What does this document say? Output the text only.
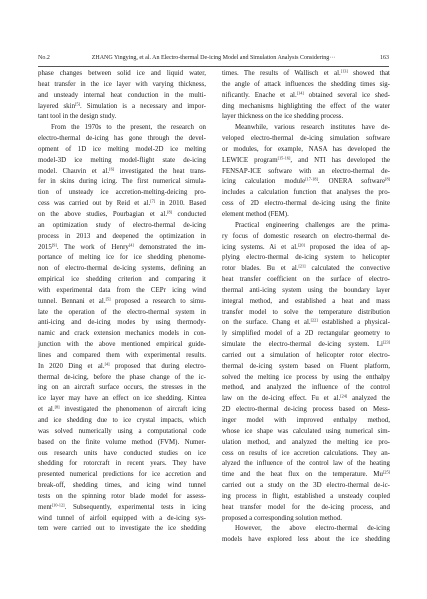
No.2	ZHANG Yingying, et al. An Electro-thermal De-icing Model and Simulation Analysis Considering···	163
phase changes between solid ice and liquid water,
heat transfer in the ice layer with varying thickness,
and unsteady internal heat conduction in the multi-
layered skin[5]. Simulation is a necessary and impor-
tant tool in the design study.
From the 1970s to the present, the research on
electro-thermal de-icing has gone through the devel-
opment of 1D ice melting model-2D ice melting
model-3D ice melting model-flight state de-icing
model. Chauvin et al.[6] investigated the heat trans-
fer in skins during icing. The first numerical simula-
tion of unsteady ice accretion-melting-deicing pro-
cess was carried out by Reid et al.[7] in 2010. Based
on the above studies, Pourbagian et al.[8] conducted
an optimization study of electro-thermal de-icing
process in 2013 and deepened the optimization in
2015[9]. The work of Henry[4] demonstrated the im-
portance of melting ice for ice shedding phenome-
non of electro-thermal de-icing systems, defining an
empirical ice shedding criterion and comparing it
with experimental data from the CEPr icing wind
tunnel. Bennani et al.[5] proposed a research to simu-
late the operation of the electro-thermal system in
anti-icing and de-icing modes by using thermody-
namic and crack extension mechanics models in con-
junction with the above mentioned empirical guide-
lines and compared them with experimental results.
In 2020 Ding et al.[4] proposed that during electro-
thermal de-icing, before the phase change of the ic-
ing on an aircraft surface occurs, the stresses in the
ice layer may have an effect on ice shedding. Kintea
et al.[8] investigated the phenomenon of aircraft icing
and ice shedding due to ice crystal impacts, which
was solved numerically using a computational code
based on the finite volume method (FVM). Numer-
ous research units have conducted studies on ice
shedding for rotorcraft in recent years. They have
presented numerical predictions for ice accretion and
break-off, shedding times, and icing wind tunnel
tests on the spinning rotor blade model for assess-
ment[10-12]. Subsequently, experimental tests in icing
wind tunnel of airfoil equipped with a de-icing sys-
tem were carried out to investigate the ice shedding
times. The results of Wallisch et al.[13] showed that
the angle of attack influences the shedding times sig-
nificantly. Enache et al.[14] obtained several ice shed-
ding mechanisms highlighting the effect of the water
layer thickness on the ice shedding process.
Meanwhile, various research institutes have de-
veloped electro-thermal de-icing simulation software
or modules, for example, NASA has developed the
LEWICE program[15-16], and NTI has developed the
FENSAP-ICE software with an electro-thermal de-
icing calculation module[17-18]. ONERA software[8]
includes a calculation function that analyses the pro-
cess of 2D electro-thermal de-icing using the finite
element method (FEM).
Practical engineering challenges are the prima-
ry focus of domestic research on electro-thermal de-
icing systems. Ai et al.[20] proposed the idea of ap-
plying electro-thermal de-icing system to helicopter
rotor blades. Bu et al.[21] calculated the convective
heat transfer coefficient on the surface of electro-
thermal anti-icing system using the boundary layer
integral method, and established a heat and mass
transfer model to solve the temperature distribution
on the surface. Chang et al.[22] established a physical-
ly simplified model of a 2D rectangular geometry to
simulate the electro-thermal de-icing system. Li[23]
carried out a simulation of helicopter rotor electro-
thermal de-icing system based on Fluent platform,
solved the melting ice process by using the enthalpy
method, and analyzed the influence of the control
law on the de-icing effect. Fu et al.[24] analyzed the
2D electro-thermal de-icing process based on Mess-
inger model with improved enthalpy method,
whose ice shape was calculated using numerical sim-
ulation method, and analyzed the melting ice pro-
cess on results of ice accretion calculations. They an-
alyzed the influence of the control law of the heating
time and the heat flux on the temperature. Mu[25]
carried out a study on the 3D electro-thermal de-ic-
ing process in flight, established a unsteady coupled
heat transfer model for the de-icing process, and
proposed a corresponding solution method.
However, the above electro-thermal de-icing
models have explored less about the ice shedding
